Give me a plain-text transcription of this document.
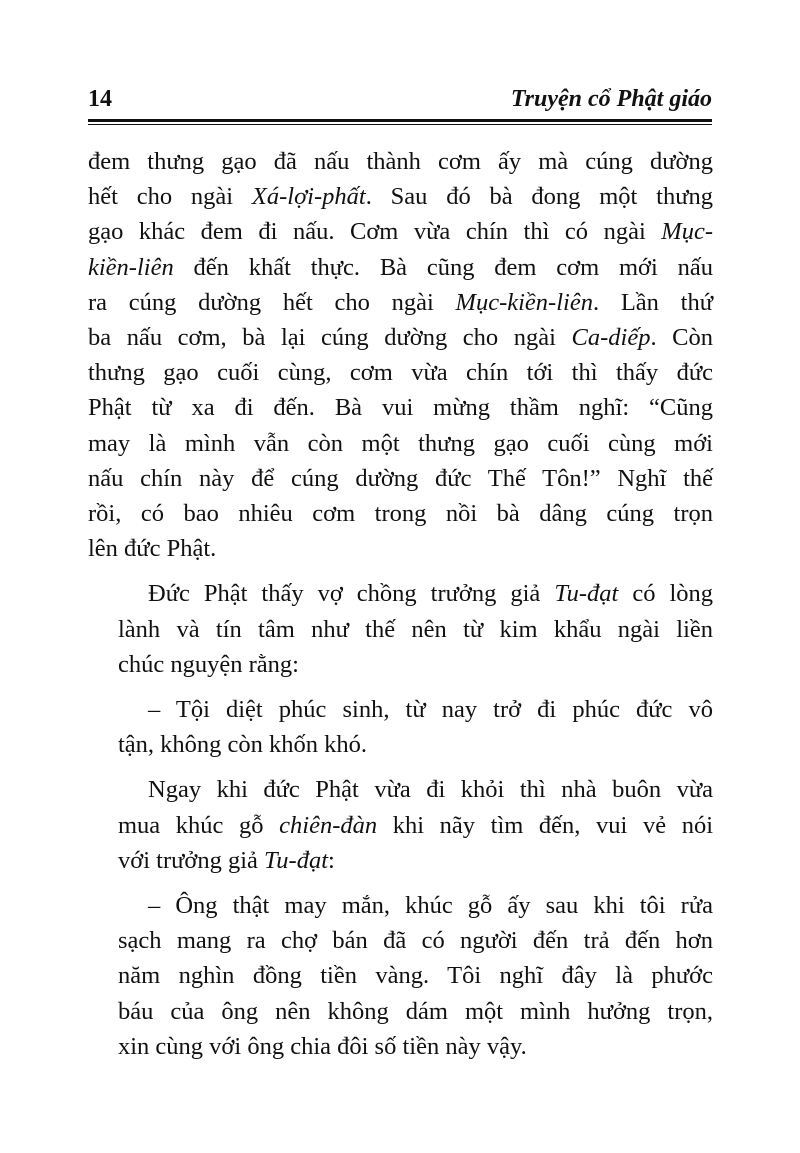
14	Truyện cổ Phật giáo
đem thưng gạo đã nấu thành cơm ấy mà cúng dường
hết cho ngài Xá-lợi-phất. Sau đó bà đong một thưng
gạo khác đem đi nấu. Cơm vừa chín thì có ngài Mục-
kiền-liên đến khất thực. Bà cũng đem cơm mới nấu
ra cúng dường hết cho ngài Mục-kiền-liên. Lần thứ
ba nấu cơm, bà lại cúng dường cho ngài Ca-diếp. Còn
thưng gạo cuối cùng, cơm vừa chín tới thì thấy đức
Phật từ xa đi đến. Bà vui mừng thầm nghĩ: “Cũng
may là mình vẫn còn một thưng gạo cuối cùng mới
nấu chín này để cúng dường đức Thế Tôn!” Nghĩ thế
rồi, có bao nhiêu cơm trong nồi bà dâng cúng trọn
lên đức Phật.
Đức Phật thấy vợ chồng trưởng giả Tu-đạt có lòng
lành và tín tâm như thế nên từ kim khẩu ngài liền
chúc nguyện rằng:
– Tội diệt phúc sinh, từ nay trở đi phúc đức vô
tận, không còn khốn khó.
Ngay khi đức Phật vừa đi khỏi thì nhà buôn vừa
mua khúc gỗ chiên-đàn khi nãy tìm đến, vui vẻ nói
với trưởng giả Tu-đạt:
– Ông thật may mắn, khúc gỗ ấy sau khi tôi rửa
sạch mang ra chợ bán đã có người đến trả đến hơn
năm nghìn đồng tiền vàng. Tôi nghĩ đây là phước
báu của ông nên không dám một mình hưởng trọn,
xin cùng với ông chia đôi số tiền này vậy.
